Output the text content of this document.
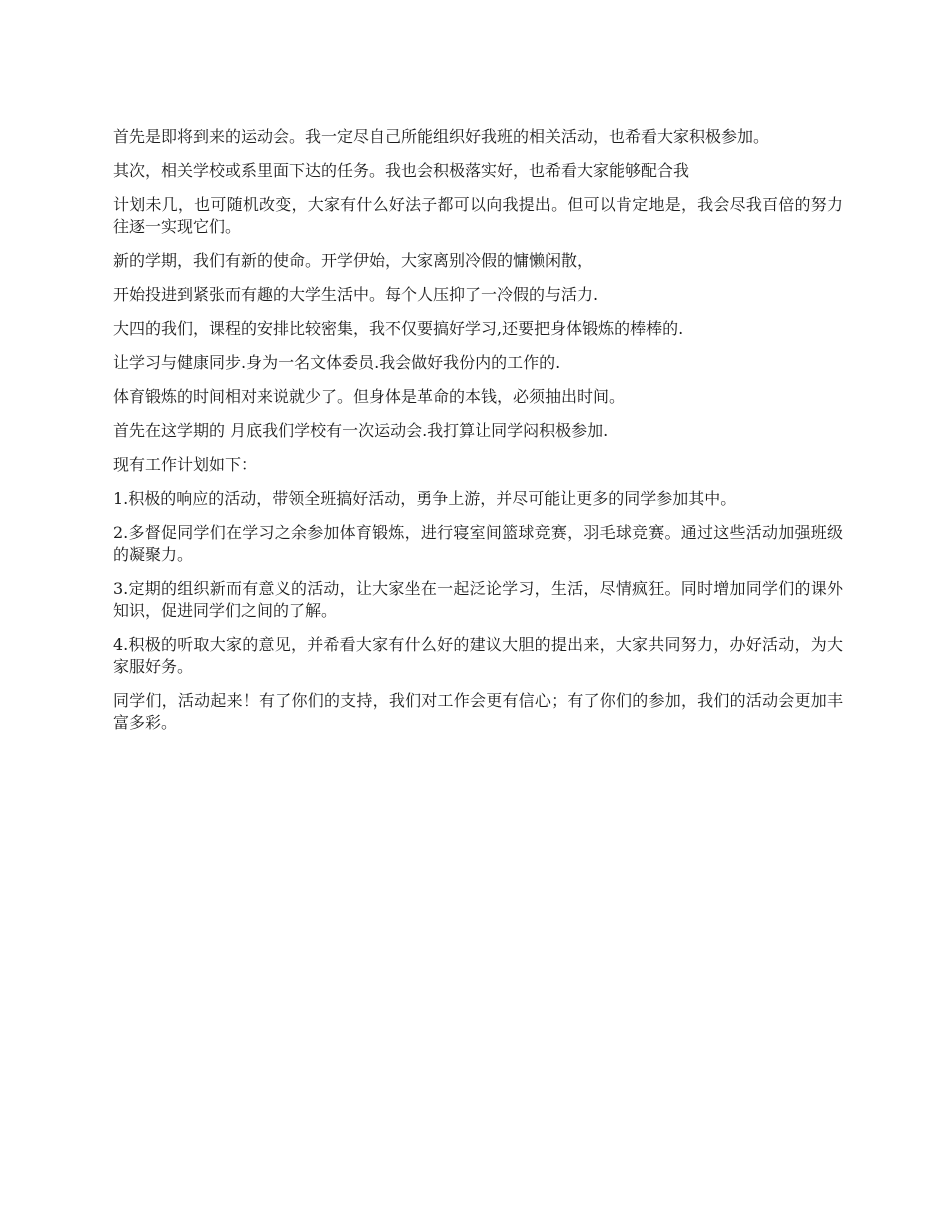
首先是即将到来的运动会。我一定尽自己所能组织好我班的相关活动，也希看大家积极参加。

其次，相关学校或系里面下达的任务。我也会积极落实好，也希看大家能够配合我

计划未几，也可随机改变，大家有什么好法子都可以向我提出。但可以肯定地是，我会尽我百倍的努力往逐一实现它们。

新的学期，我们有新的使命。开学伊始，大家离别冷假的慵懒闲散，

开始投进到紧张而有趣的大学生活中。每个人压抑了一冷假的与活力.

大四的我们，课程的安排比较密集，我不仅要搞好学习,还要把身体锻炼的棒棒的.

让学习与健康同步.身为一名文体委员.我会做好我份内的工作的.

体育锻炼的时间相对来说就少了。但身体是革命的本钱，必须抽出时间。

首先在这学期的 月底我们学校有一次运动会.我打算让同学闷积极参加.

现有工作计划如下：

1.积极的响应的活动，带领全班搞好活动，勇争上游，并尽可能让更多的同学参加其中。

2.多督促同学们在学习之余参加体育锻炼，进行寝室间篮球竞赛，羽毛球竞赛。通过这些活动加强班级的凝聚力。

3.定期的组织新而有意义的活动，让大家坐在一起泛论学习，生活，尽情疯狂。同时增加同学们的课外知识，促进同学们之间的了解。

4.积极的听取大家的意见，并希看大家有什么好的建议大胆的提出来，大家共同努力，办好活动，为大家服好务。

同学们，活动起来！有了你们的支持，我们对工作会更有信心；有了你们的参加，我们的活动会更加丰富多彩。
